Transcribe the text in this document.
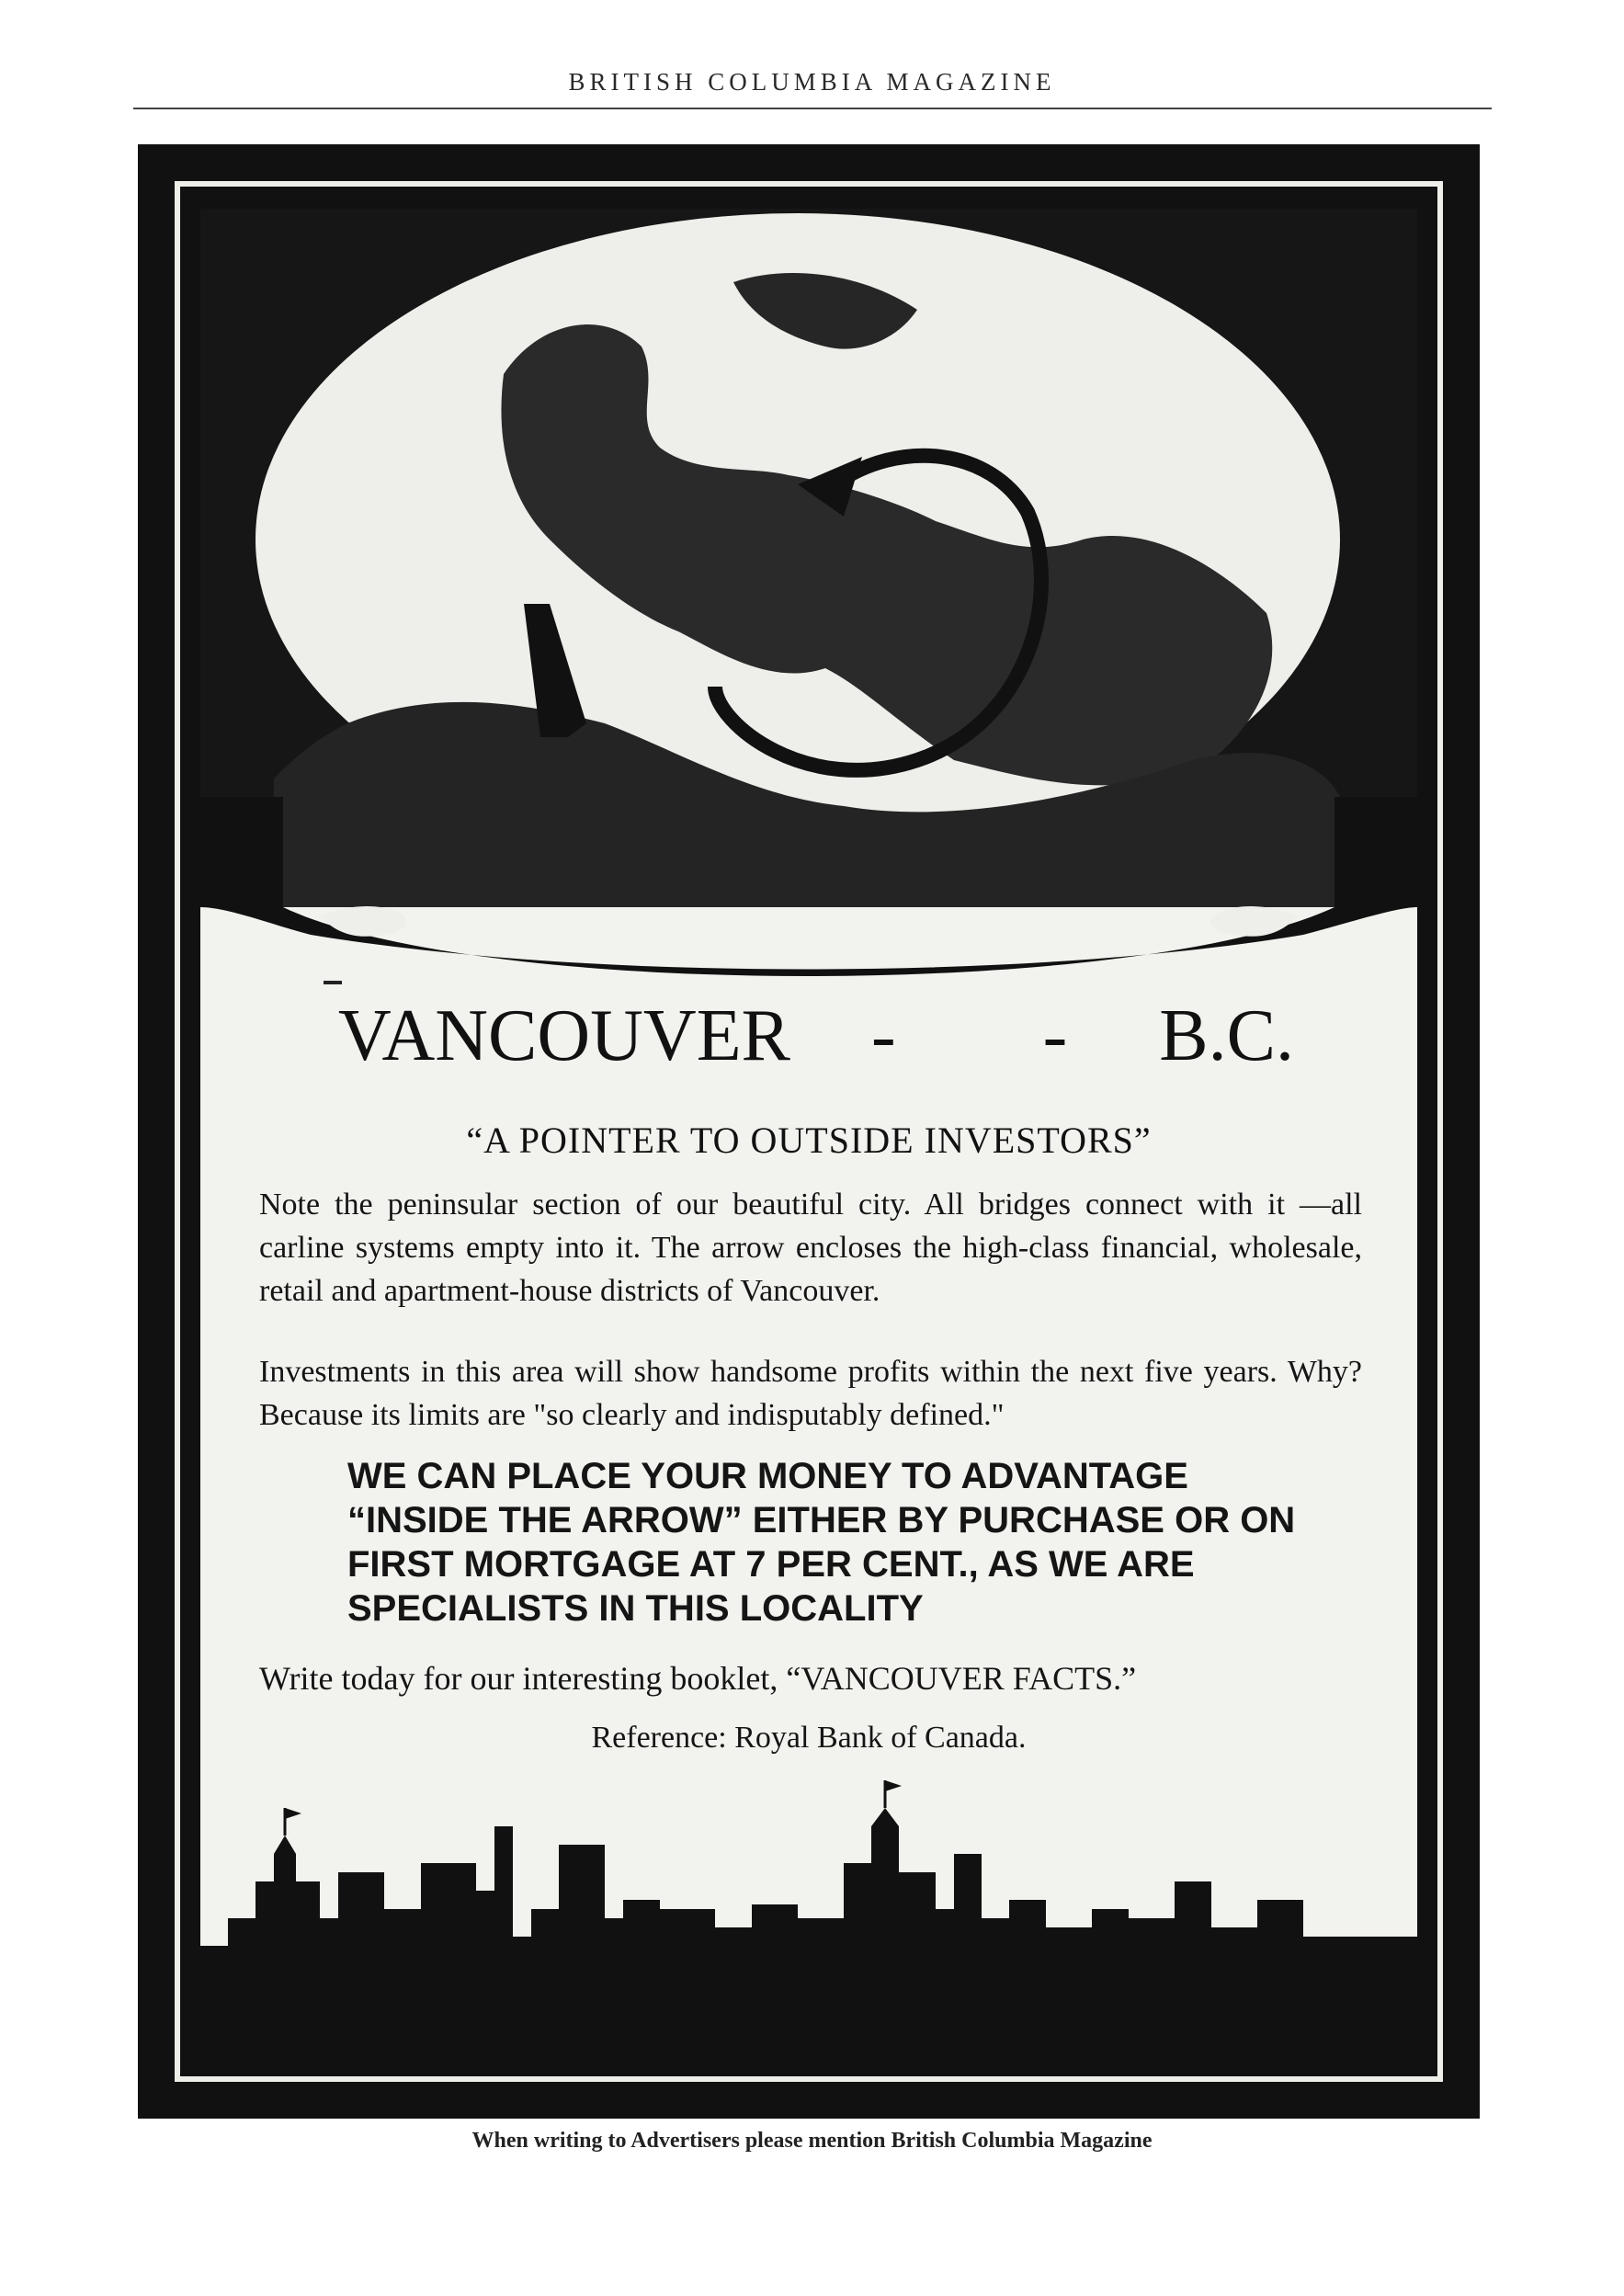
BRITISH COLUMBIA MAGAZINE
VANCOUVER - - B.C.
“A POINTER TO OUTSIDE INVESTORS”

Note the peninsular section of our beautiful city. All bridges connect with it —all carline systems empty into it. The arrow encloses the high-class financial, wholesale, retail and apartment-house districts of Vancouver.

Investments in this area will show handsome profits within the next five years. Why? Because its limits are "so clearly and indisputably defined."

WE CAN PLACE YOUR MONEY TO ADVANTAGE “INSIDE THE ARROW” EITHER BY PURCHASE OR ON FIRST MORTGAGE AT 7 PER CENT., AS WE ARE SPECIALISTS IN THIS LOCALITY

Write today for our interesting booklet, “VANCOUVER FACTS.”
Reference: Royal Bank of Canada.
When writing to Advertisers please mention British Columbia Magazine
